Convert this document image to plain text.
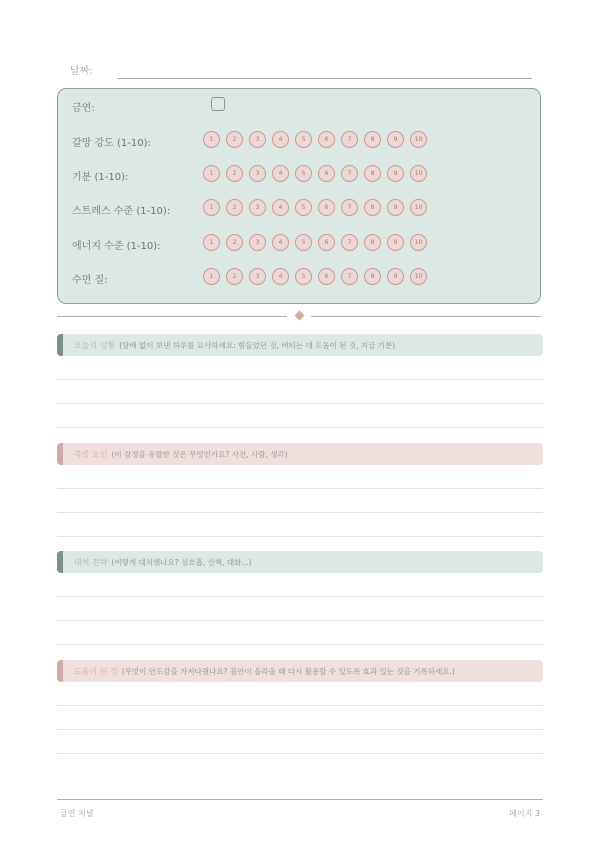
날짜:
금연:
갈망 강도 (1-10):	1	2	3	4	5	6	7	8	9	10
기분 (1-10):	1	2	3	4	5	6	7	8	9	10
스트레스 수준 (1-10):	1	2	3	4	5	6	7	8	9	10
에너지 수준 (1-10):	1	2	3	4	5	6	7	8	9	10
수면 질:	1	2	3	4	5	6	7	8	9	10
오늘의 상황 (담배 없이 보낸 하루를 묘사하세요: 힘들었던 것, 버티는 데 도움이 된 것, 지금 기분)
촉발 요인 (이 감정을 유발한 것은 무엇인가요? 사건, 사람, 생각)
대처 전략 (어떻게 대처했나요? 심호흡, 산책, 대화...)
도움이 된 것 (무엇이 안도감을 가져다줬나요? 불안이 올라올 때 다시 활용할 수 있도록 효과 있는 것을 기록하세요.)
금연 저널	페이지 3
